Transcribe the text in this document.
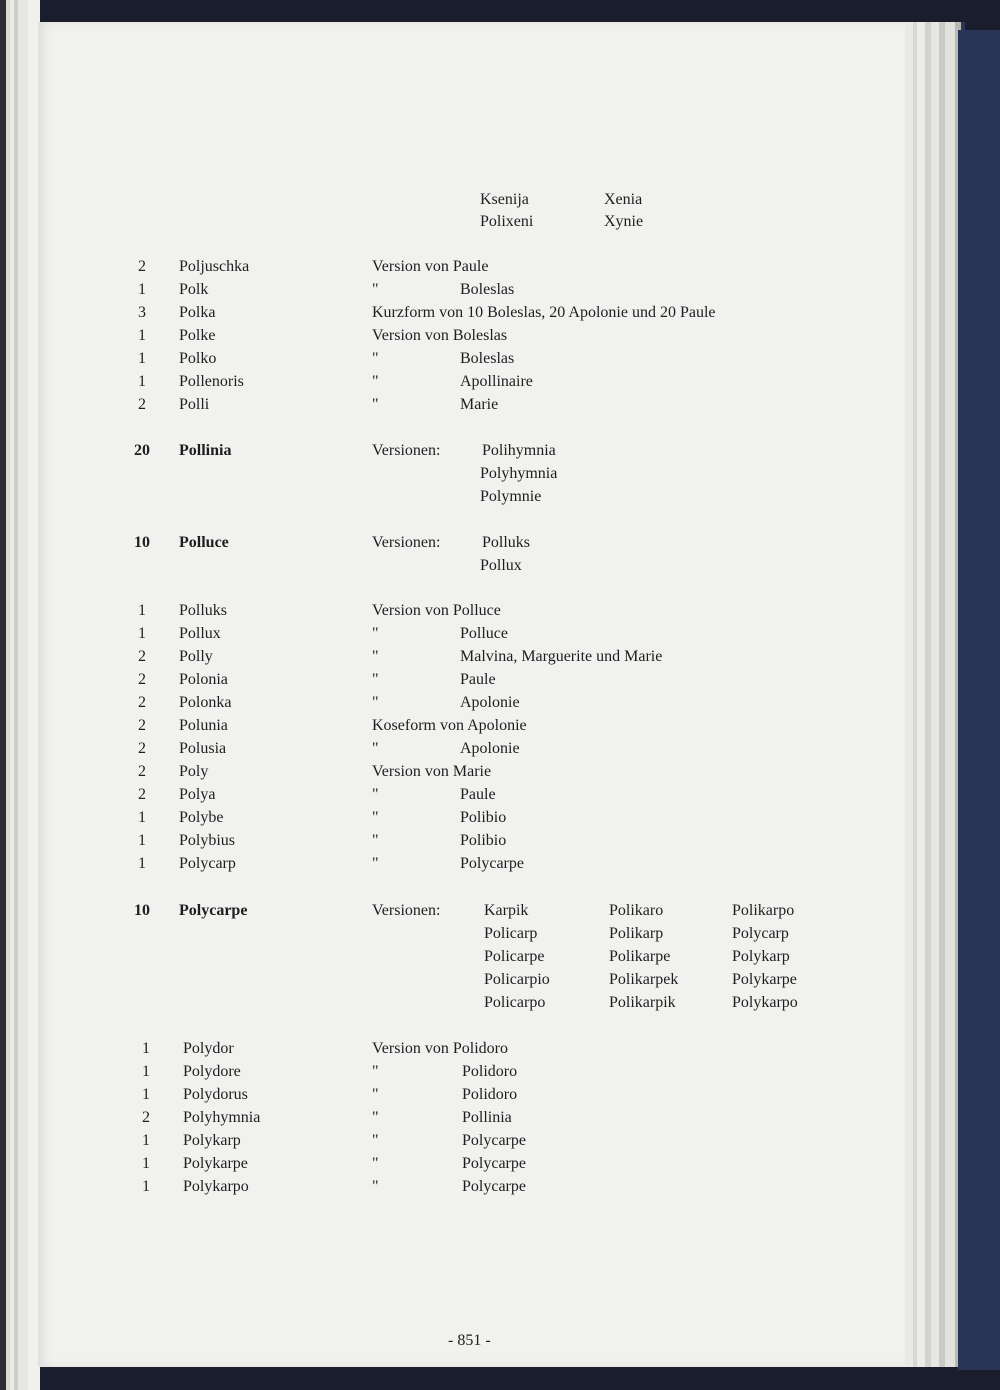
Ksenija	Xenia
Polixeni	Xynie
2	Poljuschka	Version von Paule
1	Polk	"	Boleslas
3	Polka	Kurzform von 10 Boleslas, 20 Apolonie und 20 Paule
1	Polke	Version von Boleslas
1	Polko	"	Boleslas
1	Pollenoris	"	Apollinaire
2	Polli	"	Marie
20	Pollinia	Versionen:	Polihymnia
Polyhymnia
Polymnie
10	Polluce	Versionen:	Polluks
Pollux
1	Polluks	Version von Polluce
1	Pollux	"	Polluce
2	Polly	"	Malvina, Marguerite und Marie
2	Polonia	"	Paule
2	Polonka	"	Apolonie
2	Polunia	Koseform von Apolonie
2	Polusia	"	Apolonie
2	Poly	Version von Marie
2	Polya	"	Paule
1	Polybe	"	Polibio
1	Polybius	"	Polibio
1	Polycarp	"	Polycarpe
10	Polycarpe	Versionen:	Karpik	Polikaro	Polikarpo
Policarp	Polikarp	Polycarp
Policarpe	Polikarpe	Polykarp
Policarpio	Polikarpek	Polykarpe
Policarpo	Polikarpik	Polykarpo
1	Polydor	Version von Polidoro
1	Polydore	"	Polidoro
1	Polydorus	"	Polidoro
2	Polyhymnia	"	Pollinia
1	Polykarp	"	Polycarpe
1	Polykarpe	"	Polycarpe
1	Polykarpo	"	Polycarpe
- 851 -
